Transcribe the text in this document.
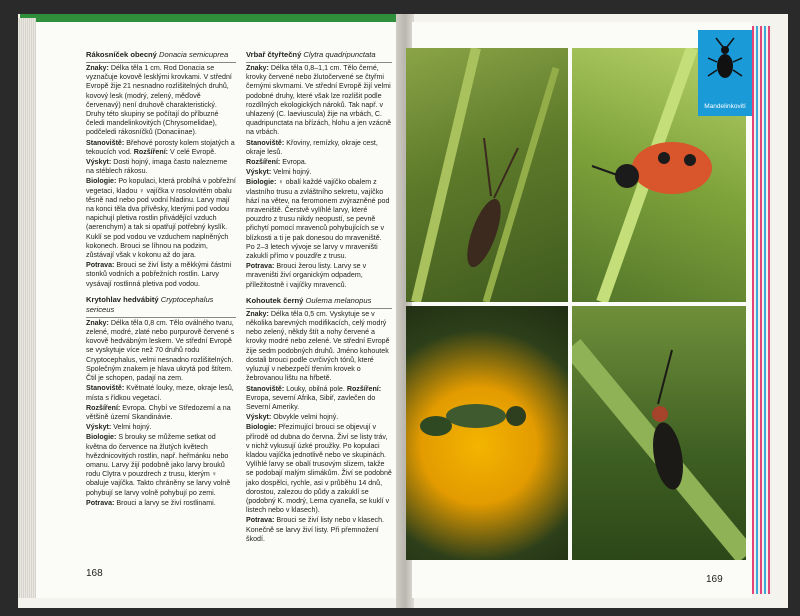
Rákosníček obecný Donacia semicuprea

Znaky: Délka těla 1 cm. Rod Donacia se vyznačuje kovově lesklými krovkami. V střední Evropě žije 21 nesnadno rozlišitelných druhů, kovový lesk (modrý, zelený, měďově červenavý) není druhově charakteristický. Druhy této skupiny se počítají do příbuzné čeledi mandelinkovitých (Chrysomelidae), podčeledi rákosníčků (Donaciinae).

Stanoviště: Břehové porosty kolem stojatých a tekoucích vod. Rozšíření: V celé Evropě.

Výskyt: Dosti hojný, imaga často nalezneme na stéblech rákosu.

Biologie: Po kopulaci, která probíhá v pobřežní vegetaci, kladou ♀ vajíčka v rosolovitém obalu těsně nad nebo pod vodní hladinu. Larvy mají na konci těla dva přívěsky, kterými pod vodou napichují pletiva rostlin přivádějící vzduch (aerenchym) a tak si opatřují potřebný kyslík. Kuklí se pod vodou ve vzduchem naplněných kokonech. Brouci se líhnou na podzim, zůstávají však v kokonu až do jara.

Potrava: Brouci se živí listy a měkkými částmi stonků vodních a pobřežních rostlin. Larvy vysávají rostlinná pletiva pod vodou.

Krytohlav hedvábitý Cryptocephalus sericeus

Znaky: Délka těla 0,8 cm. Tělo oválného tvaru, zelené, modré, zlaté nebo purpurově červené s kovově hedvábným leskem. Ve střední Evropě se vyskytuje více než 70 druhů rodu Cryptocephalus, velmi nesnadno rozlišitelných. Společným znakem je hlava ukrytá pod štítem. Čtil je schopen, padají na zem.

Stanoviště: Květnaté louky, meze, okraje lesů, místa s řídkou vegetací.

Rozšíření: Evropa. Chybí ve Středozemí a na většině území Skandinávie.

Výskyt: Velmi hojný.

Biologie: S brouky se můžeme setkat od května do července na žlutých květech hvězdnicovitých rostlin, např. heřmánku nebo omanu. Larvy žijí podobně jako larvy brouků rodu Clytra v pouzdrech z trusu, kterým ♀ obaluje vajíčka. Takto chráněny se larvy volně pohybují se larvy volně pohybují po zemi.

Potrava: Brouci a larvy se živí rostlinami.

Vrbař čtyřtečný Clytra quadripunctata

Znaky: Délka těla 0,8–1,1 cm. Tělo černé, krovky červené nebo žlutočervené se čtyřmi černými skvrnami. Ve střední Evropě žijí velmi podobné druhy, které však lze rozlišit podle rozdílných ekologických nároků. Tak např. v uhlazený (C. laeviuscula) žije na vrbách, C. quadripunctata na břízách, hlohu a jen vzácně na vrbách.

Stanoviště: Křoviny, remízky, okraje cest, okraje lesů.

Rozšíření: Evropa.

Výskyt: Velmi hojný.

Biologie: ♀ obalí každé vajíčko obalem z vlastního trusu a zvláštního sekretu, vajíčko hází na větev, na feromonem zvýrazněné pod mraveniště. Čerstvě vylíhlé larvy, které pouzdro z trusu nikdy neopustí, se pevně přichytí pomocí mravenců pohybujících se v blízkosti a ti je pak donesou do mraveniště. Po 2–3 letech vývoje se larvy v mraveništi zakuklí přímo v pouzdře z trusu.

Potrava: Brouci žerou listy. Larvy se v mraveništi živí organickým odpadem, příležitostně i vajíčky mravenců.

Kohoutek černý Oulema melanopus

Znaky: Délka těla 0,5 cm. Vyskytuje se v několika barevných modifikacích, celý modrý nebo zelený, někdy štít a nohy červené a krovky modré nebo zelené. Ve střední Evropě žije sedm podobných druhů. Jméno kohoutek dostali brouci podle cvrčivých tónů, které vyluzují v nebezpečí třením krovek o žebrovanou lištu na hřbetě.

Stanoviště: Louky, obilná pole. Rozšíření: Evropa, severní Afrika, Sibiř, zavlečen do Severní Ameriky.

Výskyt: Obvykle velmi hojný.

Biologie: Přezimující brouci se objevují v přírodě od dubna do června. Živí se listy tráv, v nichž vykusují úzké proužky. Po kopulaci kladou vajíčka jednotlivě nebo ve skupinách. Vylíhlé larvy se obalí trusovým slizem, takže se podobají malým slimákům. Živí se podobně jako dospělci, rychle, asi v průběhu 14 dnů, dorostou, zalezou do půdy a zakuklí se (podobný K. modrý, Lema cyanella, se kuklí v listech nebo v klasech).

Potrava: Brouci se živí listy nebo v klasech. Konečně se larvy živí listy. Při přemnožení škodí.

168
Mandelinkovití
169
